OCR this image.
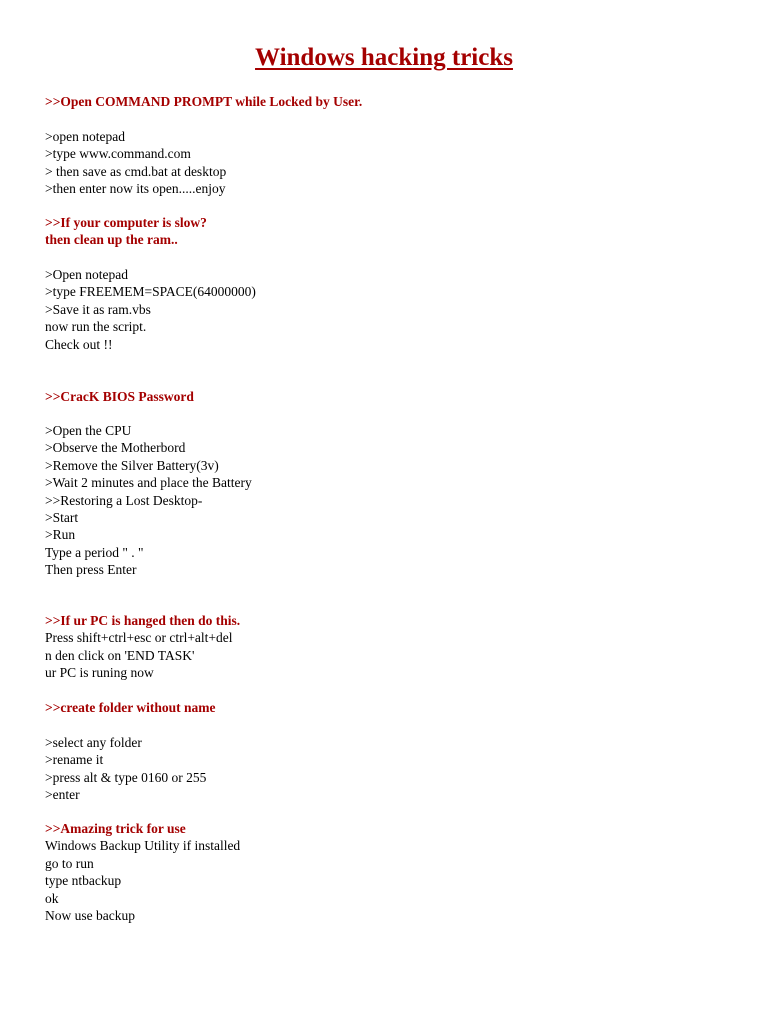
Windows hacking tricks
>>Open COMMAND PROMPT while Locked by User.
>open notepad
>type www.command.com
> then save as cmd.bat at desktop
>then enter now its open.....enjoy
>>If your computer is slow?
then clean up the ram..
>Open notepad
>type FREEMEM=SPACE(64000000)
>Save it as ram.vbs
now run the script.
Check out !!
>>CracK BIOS Password
>Open the CPU
>Observe the Motherbord
>Remove the Silver Battery(3v)
>Wait 2 minutes and place the Battery
>>Restoring a Lost Desktop-
>Start
>Run
Type a period " . "
Then press Enter
>>If ur PC is hanged then do this.
Press shift+ctrl+esc or ctrl+alt+del
n den click on 'END TASK'
ur PC is runing now
>>create folder without name
>select any folder
>rename it
>press alt & type 0160 or 255
>enter
>>Amazing trick for use
Windows Backup Utility if installed
go to run
type ntbackup
ok
Now use backup
